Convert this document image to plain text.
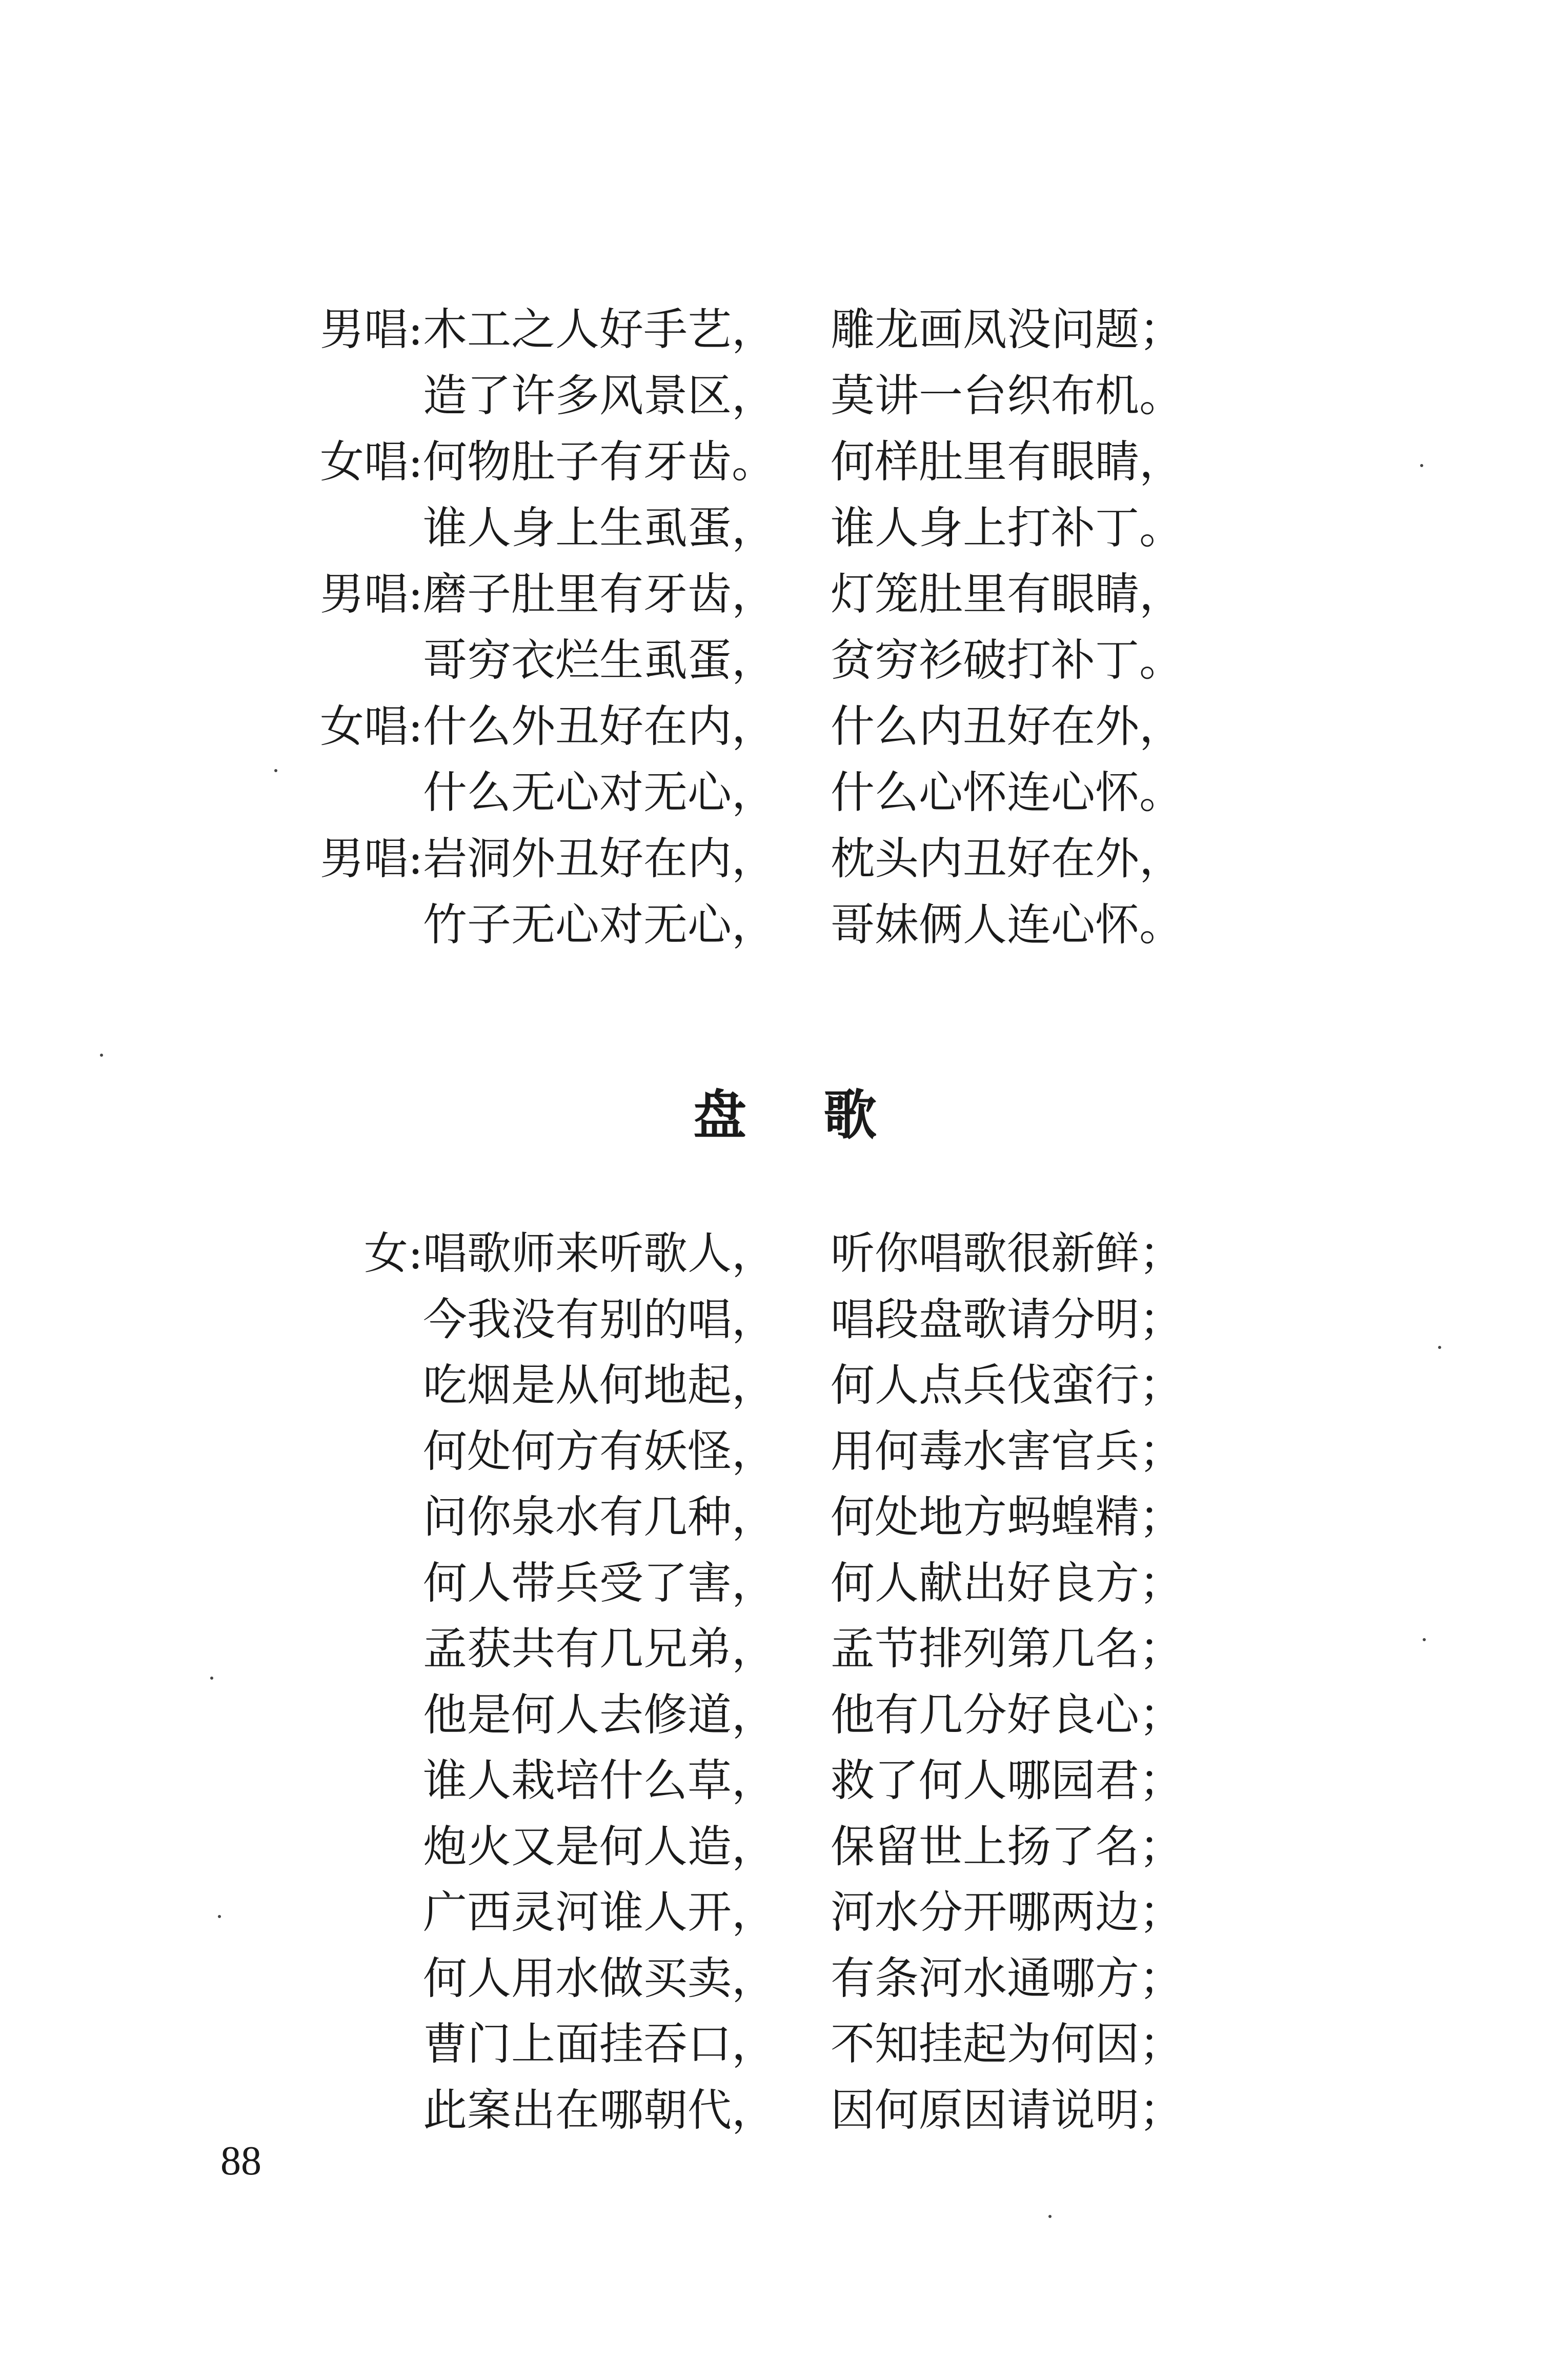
男唱: 木工之人好手艺， 雕龙画凤没问题；
造了许多风景区， 莫讲一台织布机。
女唱: 何物肚子有牙齿。 何样肚里有眼睛，
谁人身上生虱蛋， 谁人身上打补丁。
男唱: 磨子肚里有牙齿， 灯笼肚里有眼睛，
哥穷衣烂生虱蛋， 贫穷衫破打补丁。
女唱: 什么外丑好在内， 什么内丑好在外，
什么无心对无心， 什么心怀连心怀。
男唱: 岩洞外丑好在内， 枕头内丑好在外，
竹子无心对无心， 哥妹俩人连心怀。
盘歌
女: 唱歌师来听歌人， 听你唱歌很新鲜；
今我没有别的唱， 唱段盘歌请分明；
吃烟是从何地起， 何人点兵伐蛮行；
何处何方有妖怪， 用何毒水害官兵；
问你泉水有几种， 何处地方蚂蝗精；
何人带兵受了害， 何人献出好良方；
孟获共有几兄弟， 孟节排列第几名；
他是何人去修道， 他有几分好良心；
谁人栽培什么草， 救了何人哪园君；
炮火又是何人造， 保留世上扬了名；
广西灵河谁人开， 河水分开哪两边；
何人用水做买卖， 有条河水通哪方；
曹门上面挂吞口， 不知挂起为何因；
此案出在哪朝代， 因何原因请说明；
88
